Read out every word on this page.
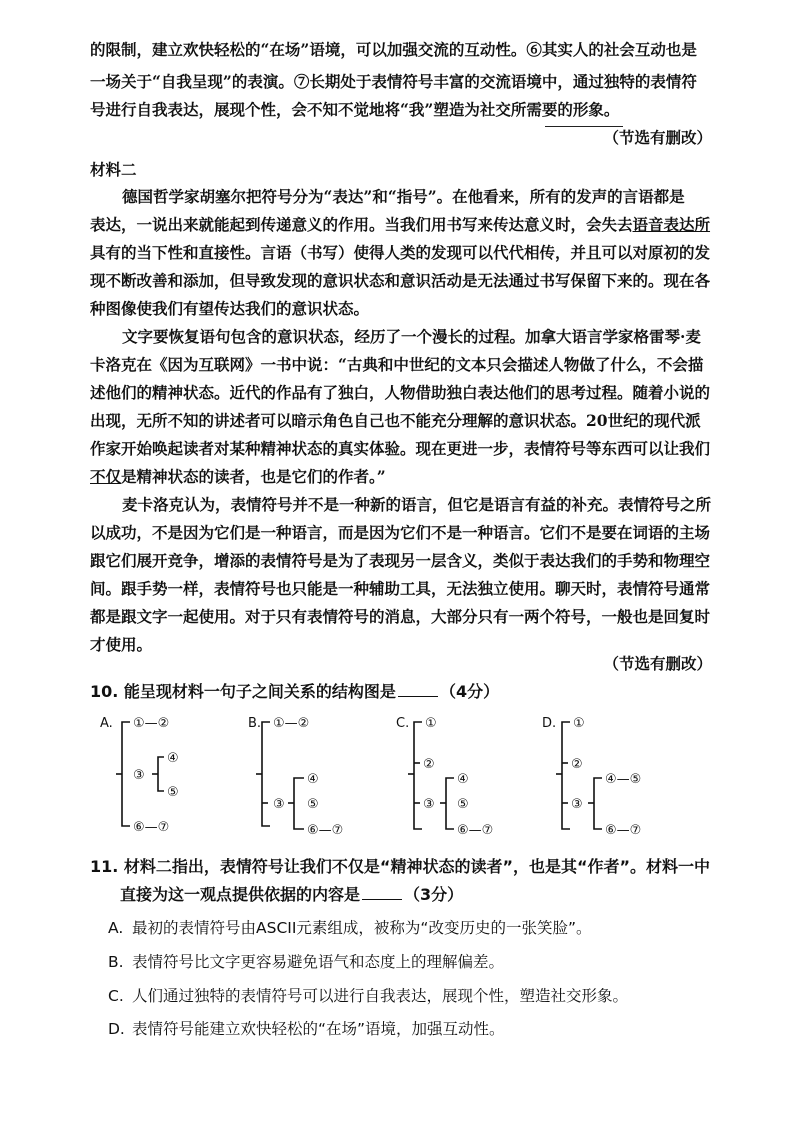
的限制，建立欢快轻松的“在场”语境，可以加强交流的互动性。⑥其实人的社会互动也是

一场关于“自我呈现”的表演。⑦长期处于表情符号丰富的交流语境中，通过独特的表情符

号进行自我表达，展现个性，会不知不觉地将“我”塑造为社交所需要的形象。

（节选有删改）
材料二

德国哲学家胡塞尔把符号分为“表达”和“指号”。在他看来，所有的发声的言语都是

表达，一说出来就能起到传递意义的作用。当我们用书写来传达意义时，会失去语音表达所

具有的当下性和直接性。言语（书写）使得人类的发现可以代代相传，并且可以对原初的发

现不断改善和添加，但导致发现的意识状态和意识活动是无法通过书写保留下来的。现在各

种图像使我们有望传达我们的意识状态。

文字要恢复语句包含的意识状态，经历了一个漫长的过程。加拿大语言学家格雷琴·麦

卡洛克在《因为互联网》一书中说：“古典和中世纪的文本只会描述人物做了什么，不会描

述他们的精神状态。近代的作品有了独白，人物借助独白表达他们的思考过程。随着小说的

出现，无所不知的讲述者可以暗示角色自己也不能充分理解的意识状态。20世纪的现代派

作家开始唤起读者对某种精神状态的真实体验。现在更进一步，表情符号等东西可以让我们

不仅是精神状态的读者，也是它们的作者。”

麦卡洛克认为，表情符号并不是一种新的语言，但它是语言有益的补充。表情符号之所

以成功，不是因为它们是一种语言，而是因为它们不是一种语言。它们不是要在词语的主场

跟它们展开竞争，增添的表情符号是为了表现另一层含义，类似于表达我们的手势和物理空

间。跟手势一样，表情符号也只能是一种辅助工具，无法独立使用。聊天时，表情符号通常

都是跟文字一起使用。对于只有表情符号的消息，大部分只有一两个符号，一般也是回复时

才使用。

（节选有删改）

10. 能呈现材料一句子之间关系的结构图是	（4分）

A. ①—②
③
④
⑤
⑥—⑦
B. ①—②
③
④
⑤
⑥—⑦
C. ①
②
③
④
⑤
⑥—⑦
D. ①
②
③
④—⑤
⑥—⑦

11. 材料二指出，表情符号让我们不仅是“精神状态的读者”，也是其“作者”。材料一中

直接为这一观点提供依据的内容是	（3分）

A. 最初的表情符号由ASCII元素组成，被称为“改变历史的一张笑脸”。
B. 表情符号比文字更容易避免语气和态度上的理解偏差。
C. 人们通过独特的表情符号可以进行自我表达，展现个性，塑造社交形象。
D. 表情符号能建立欢快轻松的“在场”语境，加强互动性。
